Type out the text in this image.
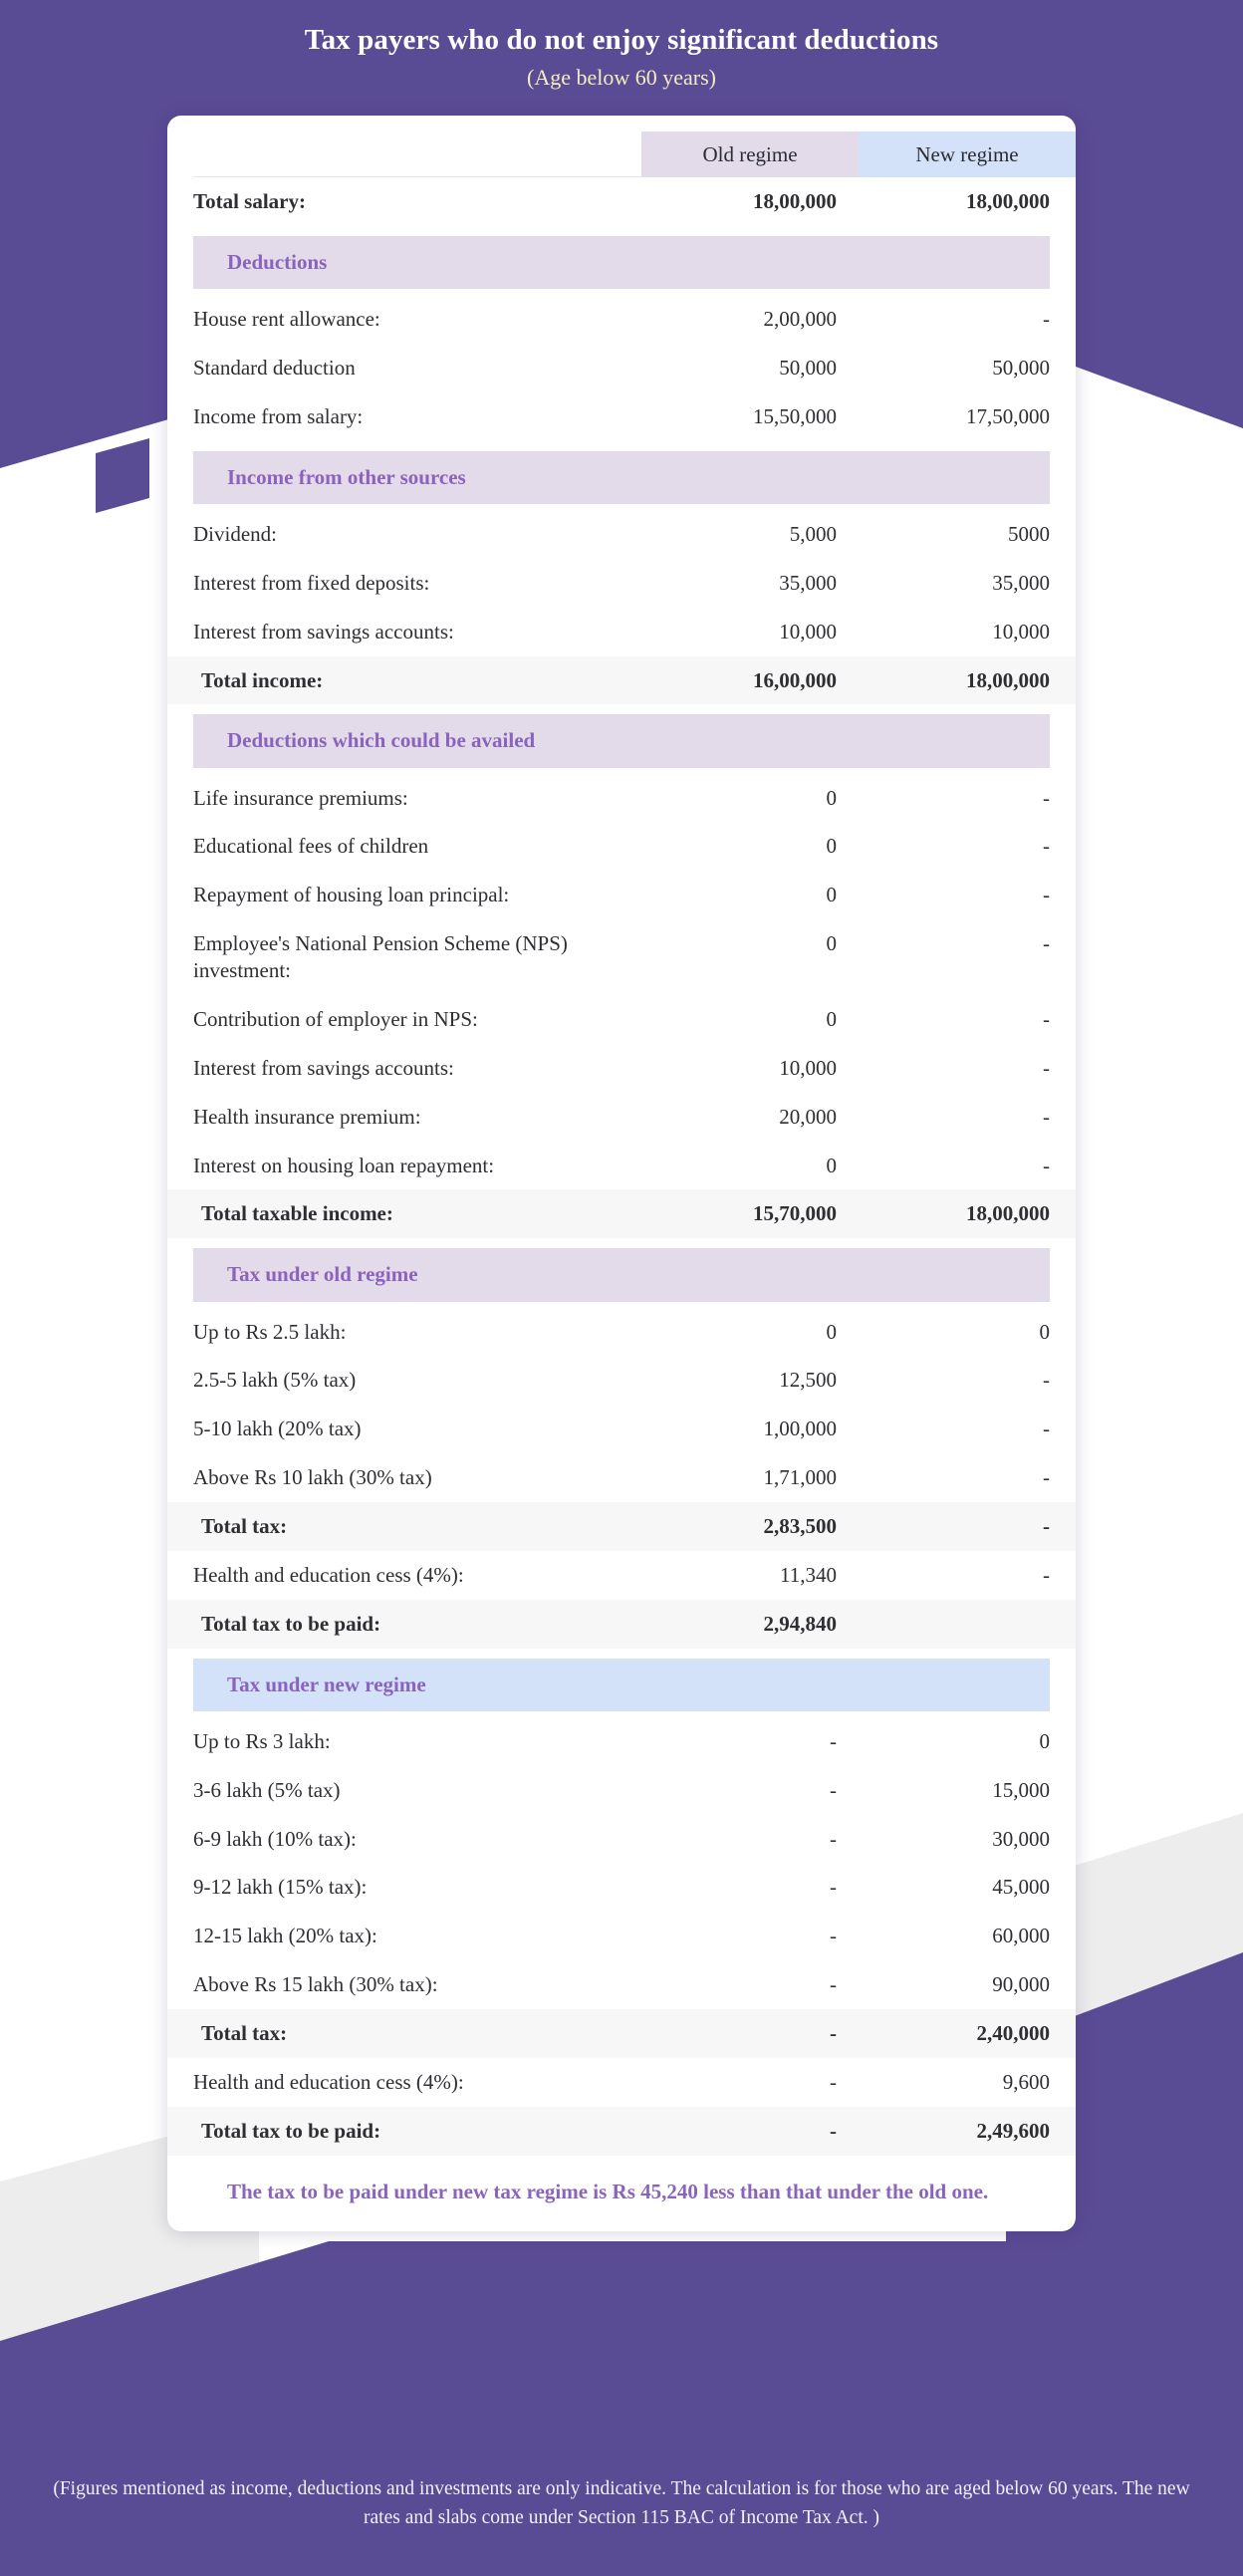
Tax payers who do not enjoy significant deductions
(Age below 60 years)

	Old regime	New regime

Total salary:	18,00,000	18,00,000

Deductions		

House rent allowance:	2,00,000	-
Standard deduction	50,000	50,000
Income from salary:	15,50,000	17,50,000

Income from other sources		

Dividend:	5,000	5000
Interest from fixed deposits:	35,000	35,000
Interest from savings accounts:	10,000	10,000
Total income:	16,00,000	18,00,000

Deductions which could be availed		

Life insurance premiums:	0	-
Educational fees of children	0	-
Repayment of housing loan principal:	0	-
Employee's National Pension Scheme (NPS) investment:	0	-
Contribution of employer in NPS:	0	-
Interest from savings accounts:	10,000	-
Health insurance premium:	20,000	-
Interest on housing loan repayment:	0	-
Total taxable income:	15,70,000	18,00,000

Tax under old regime		

Up to Rs 2.5 lakh:	0	0
2.5-5 lakh (5% tax)	12,500	-
5-10 lakh (20% tax)	1,00,000	-
Above Rs 10 lakh (30% tax)	1,71,000	-
Total tax:	2,83,500	-
Health and education cess (4%):	11,340	-
Total tax to be paid:	2,94,840	

Tax under new regime		

Up to Rs 3 lakh:	-	0
3-6 lakh (5% tax)	-	15,000
6-9 lakh (10% tax):	-	30,000
9-12 lakh (15% tax):	-	45,000
12-15 lakh (20% tax):	-	60,000
Above Rs 15 lakh (30% tax):	-	90,000
Total tax:	-	2,40,000
Health and education cess (4%):	-	9,600
Total tax to be paid:	-	2,49,600
The tax to be paid under new tax regime is Rs 45,240 less than that under the old one.
(Figures mentioned as income, deductions and investments are only indicative. The calculation is for those who are aged below 60 years. The new rates and slabs come under Section 115 BAC of Income Tax Act. )
